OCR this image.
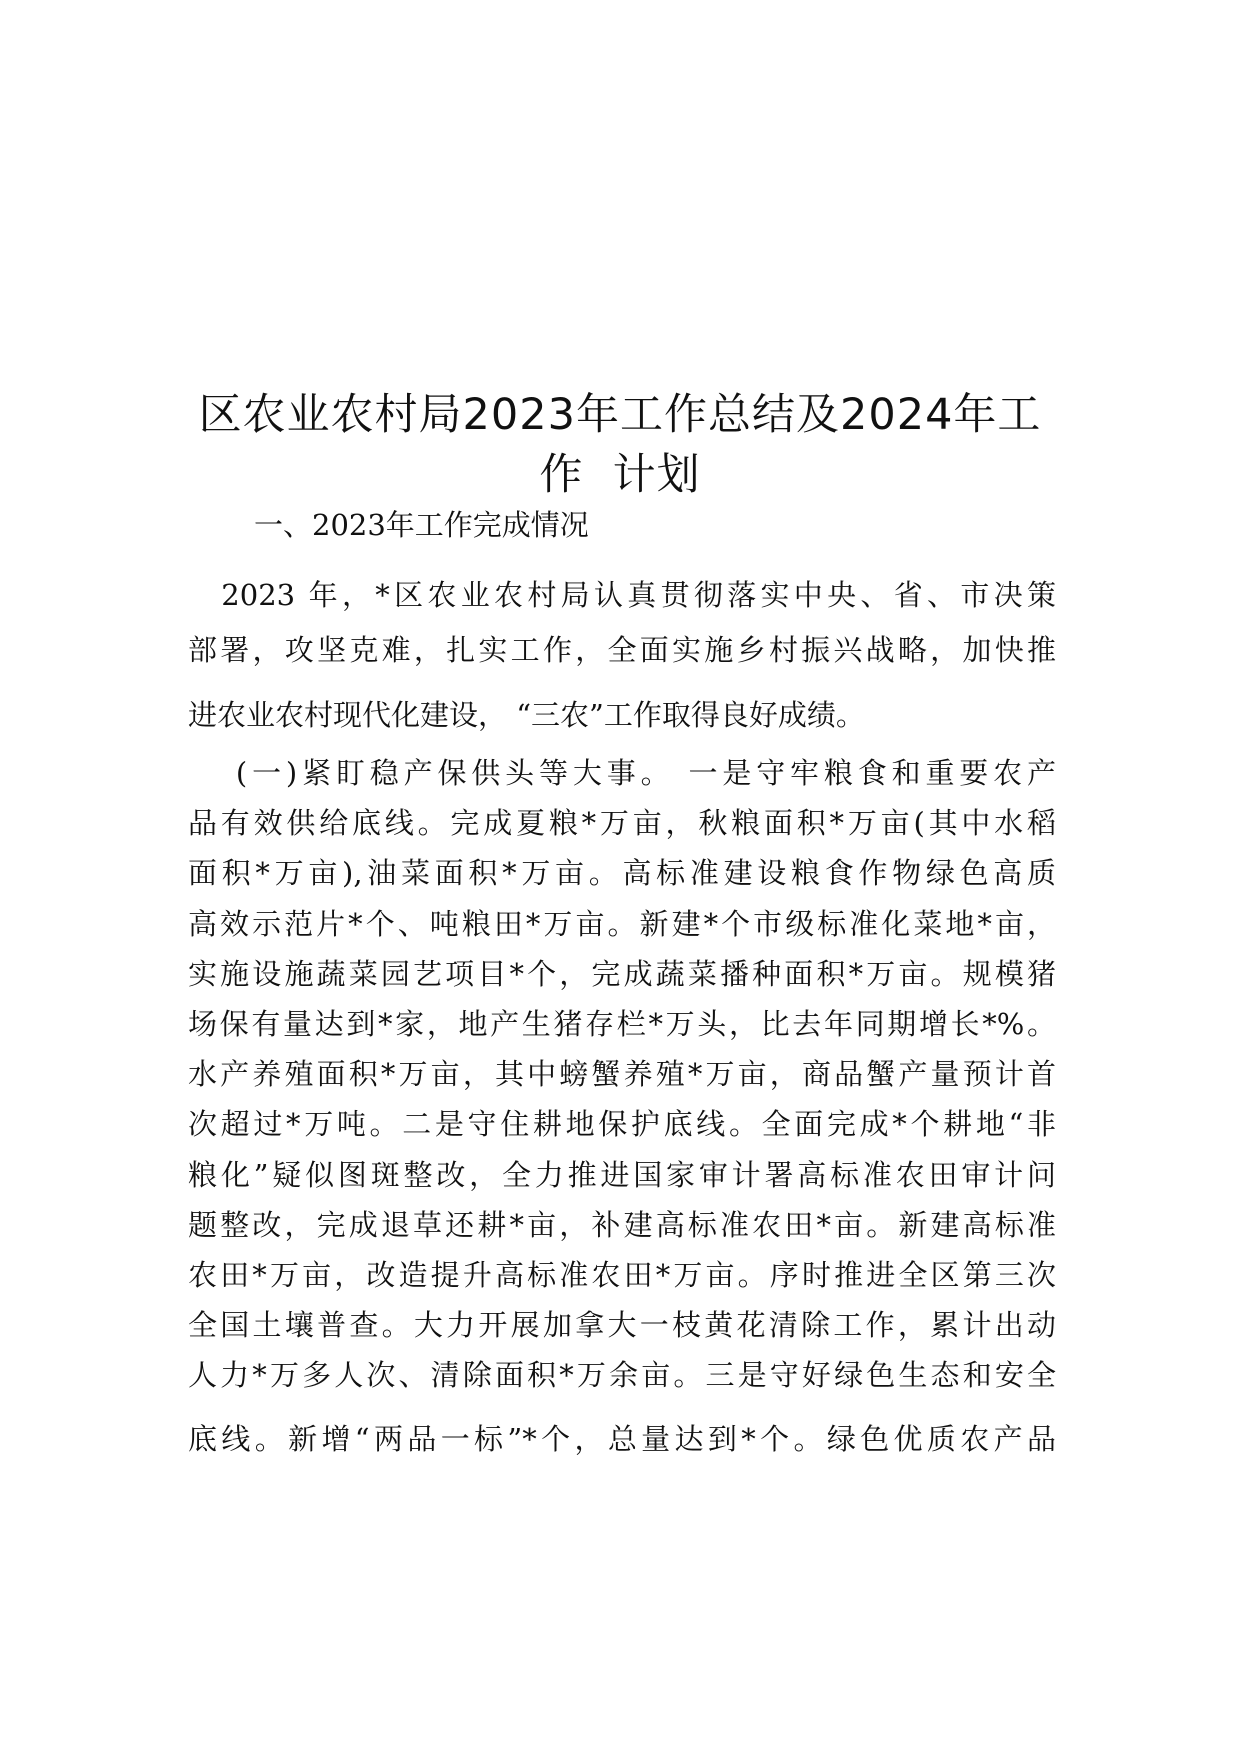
区农业农村局2023年工作总结及2024年工
作  计划
一、2023年工作完成情况
　2023 年，*区农业农村局认真贯彻落实中央、省、市决策
部署，攻坚克难，扎实工作，全面实施乡村振兴战略，加快推
进农业农村现代化建设， “三农”工作取得良好成绩。
　 (一)紧盯稳产保供头等大事。 一是守牢粮食和重要农产
品有效供给底线。完成夏粮*万亩，秋粮面积*万亩(其中水稻
面积*万亩),油菜面积*万亩。高标准建设粮食作物绿色高质
高效示范片*个、吨粮田*万亩。新建*个市级标准化菜地*亩，
实施设施蔬菜园艺项目*个，完成蔬菜播种面积*万亩。规模猪
场保有量达到*家，地产生猪存栏*万头，比去年同期增长*%。
水产养殖面积*万亩，其中螃蟹养殖*万亩，商品蟹产量预计首
次超过*万吨。二是守住耕地保护底线。全面完成*个耕地“非
粮化”疑似图斑整改，全力推进国家审计署高标准农田审计问
题整改，完成退草还耕*亩，补建高标准农田*亩。新建高标准
农田*万亩，改造提升高标准农田*万亩。序时推进全区第三次
全国土壤普查。大力开展加拿大一枝黄花清除工作，累计出动
人力*万多人次、清除面积*万余亩。三是守好绿色生态和安全
底线。新增“两品一标”*个，总量达到*个。绿色优质农产品
